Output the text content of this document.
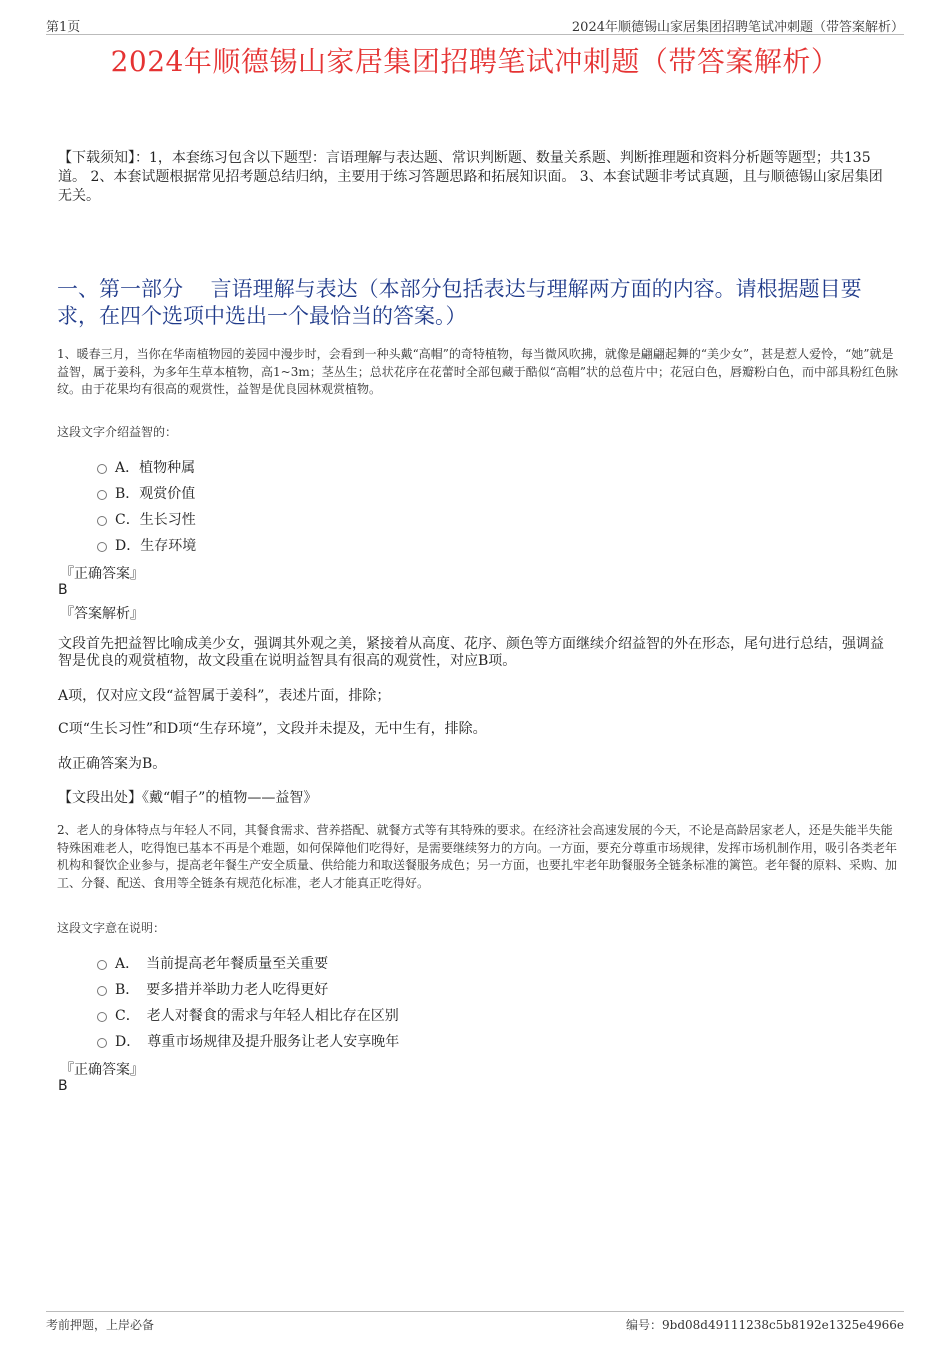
第1页	2024年顺德锡山家居集团招聘笔试冲刺题（带答案解析）
2024年顺德锡山家居集团招聘笔试冲刺题（带答案解析）

【下载须知】：1，本套练习包含以下题型：言语理解与表达题、常识判断题、数量关系题、判断推理题和资料分析题等题型；共135道。 2、本套试题根据常见招考题总结归纳，主要用于练习答题思路和拓展知识面。 3、本套试题非考试真题，且与顺德锡山家居集团无关。

一、第一部分　 言语理解与表达（本部分包括表达与理解两方面的内容。请根据题目要求，在四个选项中选出一个最恰当的答案。）

1、暖春三月，当你在华南植物园的姜园中漫步时，会看到一种头戴“高帽”的奇特植物，每当微风吹拂，就像是翩翩起舞的“美少女”，甚是惹人爱怜，“她”就是益智，属于姜科，为多年生草本植物，高1~3m；茎丛生；总状花序在花蕾时全部包藏于酷似“高帽”状的总苞片中；花冠白色，唇瓣粉白色，而中部具粉红色脉纹。由于花果均有很高的观赏性，益智是优良园林观赏植物。

这段文字介绍益智的：

A．植物种属
B．观赏价值
C．生长习性
D．生存环境

『正确答案』

B

『答案解析』

文段首先把益智比喻成美少女，强调其外观之美，紧接着从高度、花序、颜色等方面继续介绍益智的外在形态，尾句进行总结，强调益智是优良的观赏植物，故文段重在说明益智具有很高的观赏性，对应B项。

A项，仅对应文段“益智属于姜科”，表述片面，排除；

C项“生长习性”和D项“生存环境”，文段并未提及，无中生有，排除。

故正确答案为B。

【文段出处】《戴“帽子”的植物——益智》

2、老人的身体特点与年轻人不同，其餐食需求、营养搭配、就餐方式等有其特殊的要求。在经济社会高速发展的今天，不论是高龄居家老人，还是失能半失能特殊困难老人，吃得饱已基本不再是个难题，如何保障他们吃得好，是需要继续努力的方向。一方面，要充分尊重市场规律，发挥市场机制作用，吸引各类老年机构和餐饮企业参与，提高老年餐生产安全质量、供给能力和取送餐服务成色；另一方面，也要扎牢老年助餐服务全链条标准的篱笆。老年餐的原料、采购、加工、分餐、配送、食用等全链条有规范化标准，老人才能真正吃得好。

这段文字意在说明：

A．　当前提高老年餐质量至关重要
B．　要多措并举助力老人吃得更好
C．　老人对餐食的需求与年轻人相比存在区别
D．　尊重市场规律及提升服务让老人安享晚年

『正确答案』

B

考前押题，上岸必备	编号：9bd08d49111238c5b8192e1325e4966e
